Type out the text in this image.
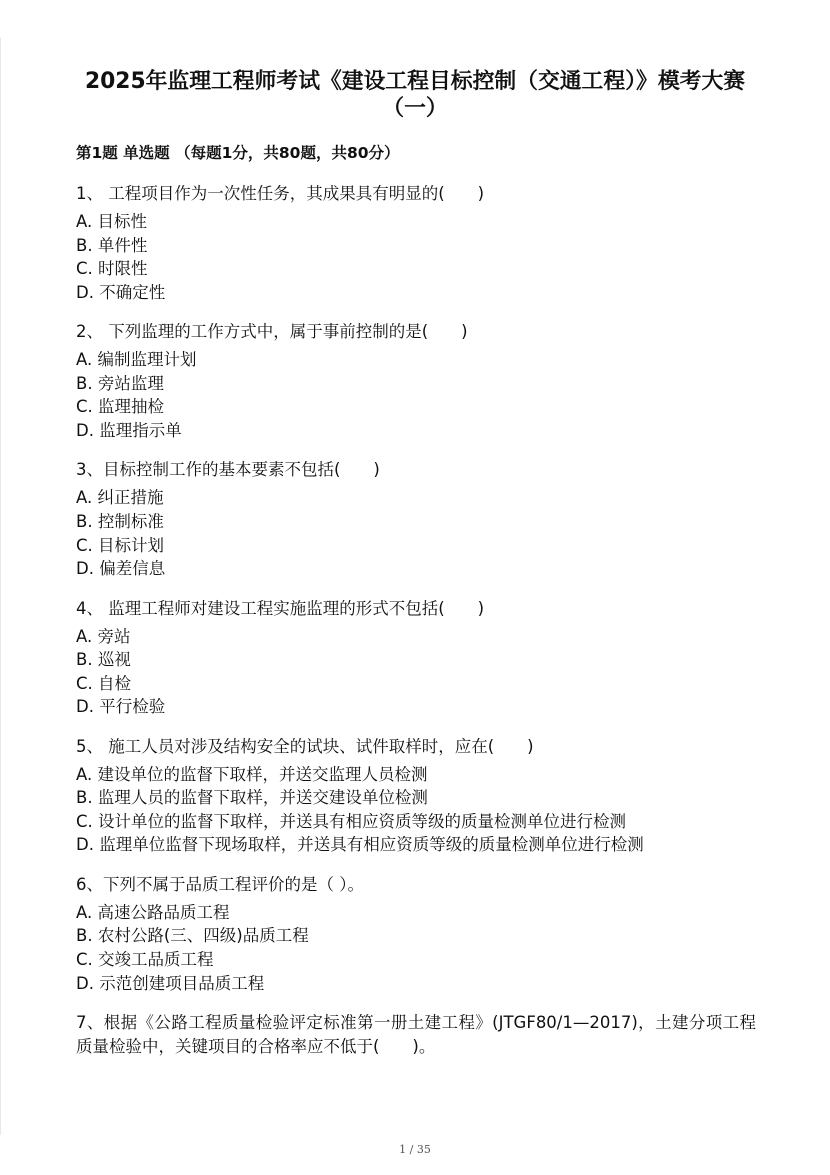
2025年监理工程师考试《建设工程目标控制（交通工程）》模考大赛
（一）
第1题 单选题 （每题1分，共80题，共80分）
1、 工程项目作为一次性任务，其成果具有明显的(　　)
A. 目标性
B. 单件性
C. 时限性
D. 不确定性
2、 下列监理的工作方式中，属于事前控制的是(　　)
A. 编制监理计划
B. 旁站监理
C. 监理抽检
D. 监理指示单
3、目标控制工作的基本要素不包括(　　)
A. 纠正措施
B. 控制标准
C. 目标计划
D. 偏差信息
4、 监理工程师对建设工程实施监理的形式不包括(　　)
A. 旁站
B. 巡视
C. 自检
D. 平行检验
5、 施工人员对涉及结构安全的试块、试件取样时，应在(　　)
A. 建设单位的监督下取样，并送交监理人员检测
B. 监理人员的监督下取样，并送交建设单位检测
C. 设计单位的监督下取样，并送具有相应资质等级的质量检测单位进行检测
D. 监理单位监督下现场取样，并送具有相应资质等级的质量检测单位进行检测
6、下列不属于品质工程评价的是（ ）。
A. 高速公路品质工程
B. 农村公路(三、四级)品质工程
C. 交竣工品质工程
D. 示范创建项目品质工程
7、根据《公路工程质量检验评定标准第一册土建工程》(JTGF80/1—2017)，土建分项工程质量检验中，关键项目的合格率应不低于(　　)。
1 / 35
